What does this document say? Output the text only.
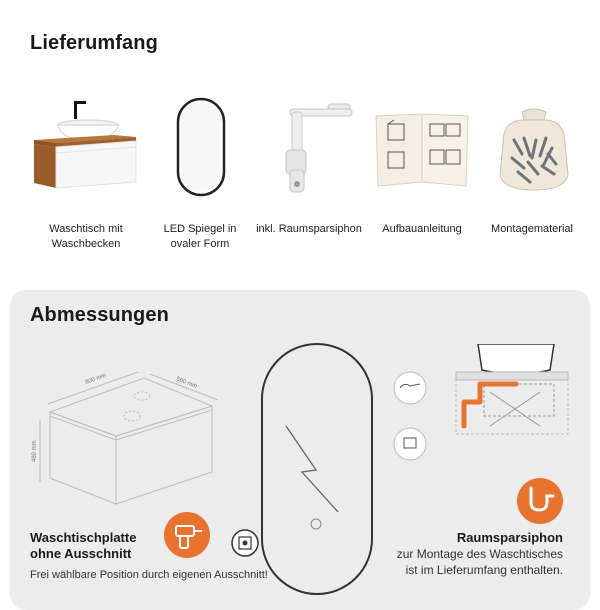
Lieferumfang
Waschtisch mit
Waschbecken
LED Spiegel in
ovaler Form
inkl. Raumsparsiphon	Aufbauanleitung	Montagematerial
Abmessungen
800 mm	500 mm
480 mm
Waschtischplatte
ohne Ausschnitt
Frei wählbare Position durch eigenen Ausschnitt!
Raumsparsiphon
zur Montage des Waschtisches
ist im Lieferumfang enthalten.
